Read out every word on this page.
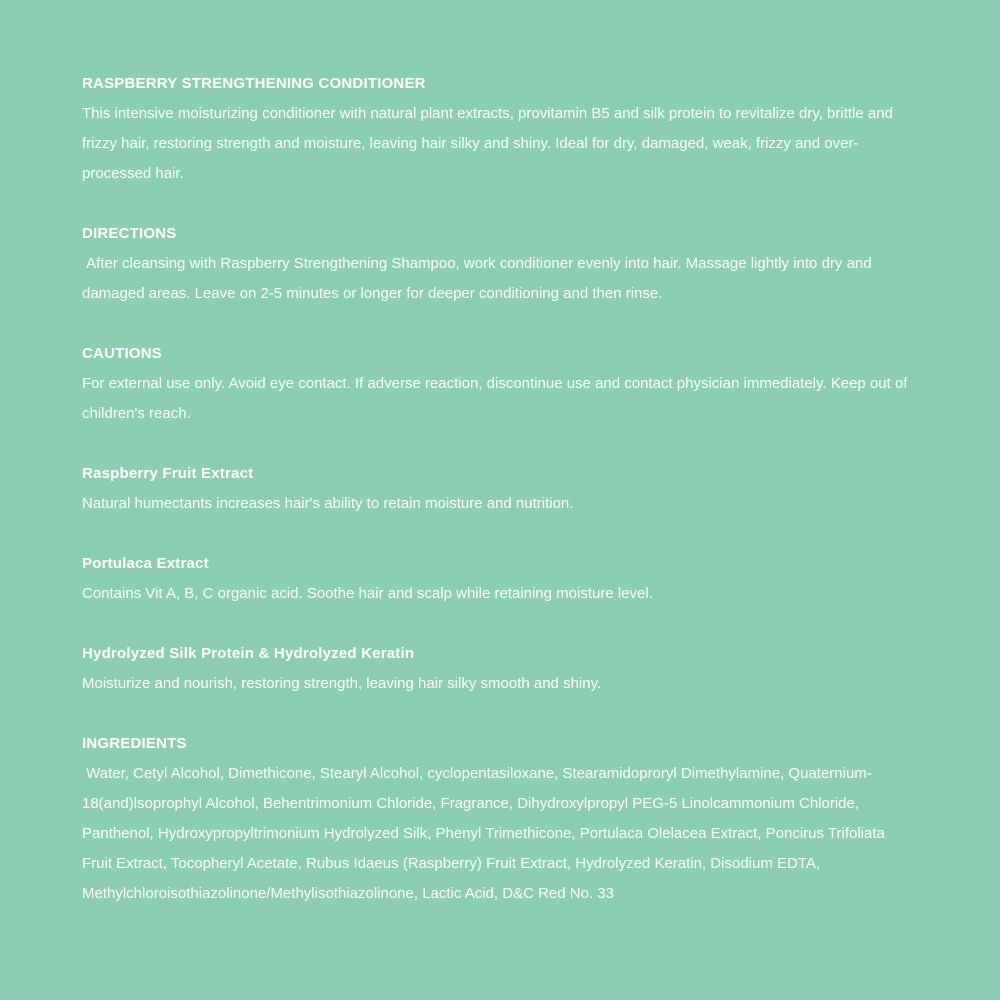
RASPBERRY STRENGTHENING CONDITIONER

This intensive moisturizing conditioner with natural plant extracts, provitamin B5 and silk protein to revitalize dry, brittle and frizzy hair, restoring strength and moisture, leaving hair silky and shiny. Ideal for dry, damaged, weak, frizzy and over-processed hair.

DIRECTIONS

After cleansing with Raspberry Strengthening Shampoo, work conditioner evenly into hair. Massage lightly into dry and damaged areas. Leave on 2-5 minutes or longer for deeper conditioning and then rinse.

CAUTIONS

For external use only. Avoid eye contact. If adverse reaction, discontinue use and contact physician immediately. Keep out of children's reach.

Raspberry Fruit Extract

Natural humectants increases hair's ability to retain moisture and nutrition.

Portulaca Extract

Contains Vit A, B, C organic acid. Soothe hair and scalp while retaining moisture level.

Hydrolyzed Silk Protein & Hydrolyzed Keratin

Moisturize and nourish, restoring strength, leaving hair silky smooth and shiny.

INGREDIENTS

Water, Cetyl Alcohol, Dimethicone, Stearyl Alcohol, cyclopentasiloxane, Stearamidoproryl Dimethylamine, Quaternium-18(and)lsoprophyl Alcohol, Behentrimonium Chloride, Fragrance, Dihydroxylpropyl PEG-5 Linolcammonium Chloride, Panthenol, Hydroxypropyltrimonium Hydrolyzed Silk, Phenyl Trimethicone, Portulaca Olelacea Extract, Poncirus Trifoliata Fruit Extract, Tocopheryl Acetate, Rubus Idaeus (Raspberry) Fruit Extract, Hydrolyzed Keratin, Disodium EDTA, Methylchloroisothiazolinone/Methylisothiazolinone, Lactic Acid, D&C Red No. 33
